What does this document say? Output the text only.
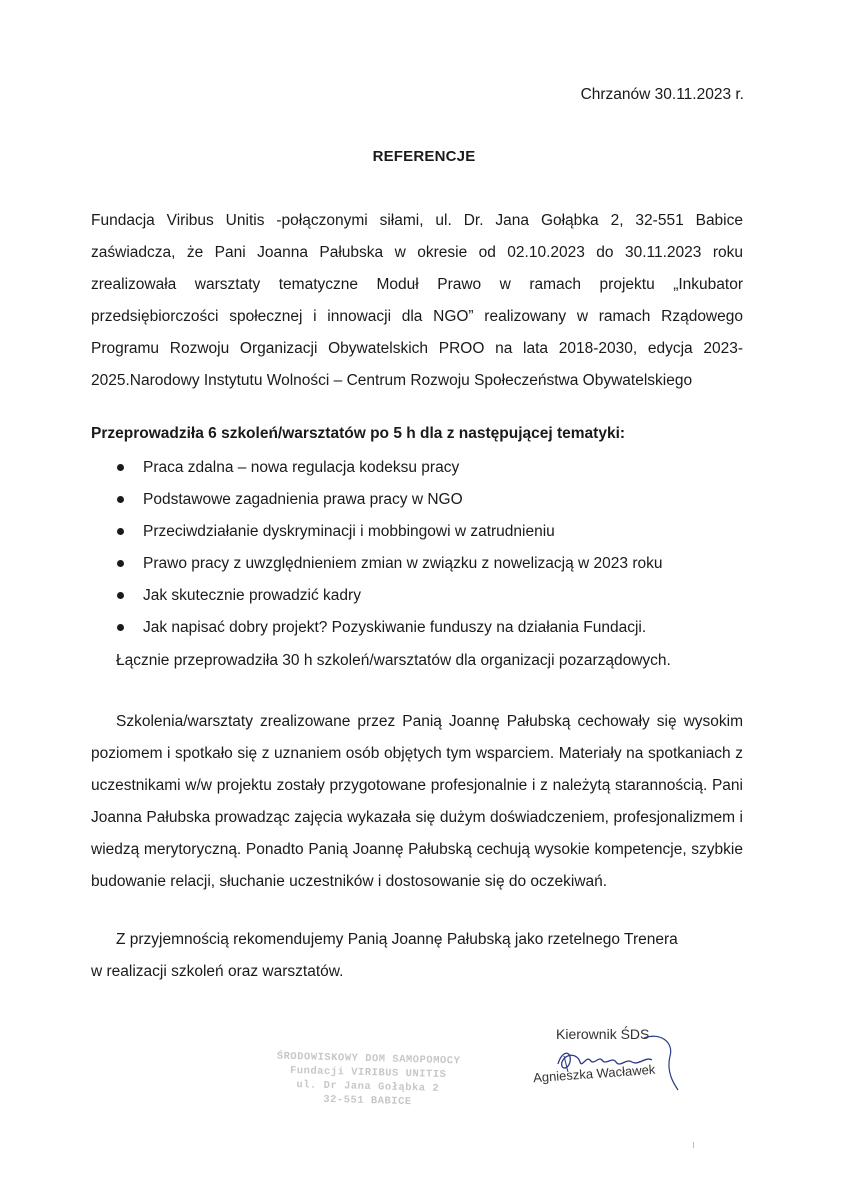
Chrzanów 30.11.2023 r.
REFERENCJE

Fundacja Viribus Unitis -połączonymi siłami, ul. Dr. Jana Gołąbka 2, 32-551 Babice zaświadcza, że Pani Joanna Pałubska w okresie od 02.10.2023 do 30.11.2023 roku zrealizowała warsztaty tematyczne Moduł Prawo w ramach projektu „Inkubator przedsiębiorczości społecznej i innowacji dla NGO” realizowany w ramach Rządowego Programu Rozwoju Organizacji Obywatelskich PROO na lata 2018-2030, edycja 2023-2025.Narodowy Instytutu Wolności – Centrum Rozwoju Społeczeństwa Obywatelskiego

Przeprowadziła 6 szkoleń/warsztatów po 5 h dla z następującej tematyki:
Praca zdalna – nowa regulacja kodeksu pracy
Podstawowe zagadnienia prawa pracy w NGO
Przeciwdziałanie dyskryminacji i mobbingowi w zatrudnieniu
Prawo pracy z uwzględnieniem zmian w związku z nowelizacją w 2023 roku
Jak skutecznie prowadzić kadry
Jak napisać dobry projekt? Pozyskiwanie funduszy na działania Fundacji.
Łącznie przeprowadziła 30 h szkoleń/warsztatów dla organizacji pozarządowych.

Szkolenia/warsztaty zrealizowane przez Panią Joannę Pałubską cechowały się wysokim poziomem i spotkało się z uznaniem osób objętych tym wsparciem. Materiały na spotkaniach z uczestnikami w/w projektu zostały przygotowane profesjonalnie i z należytą starannością. Pani Joanna Pałubska prowadząc zajęcia wykazała się dużym doświadczeniem, profesjonalizmem i wiedzą merytoryczną. Ponadto Panią Joannę Pałubską cechują wysokie kompetencje, szybkie budowanie relacji, słuchanie uczestników i dostosowanie się do oczekiwań.

Z przyjemnością rekomendujemy Panią Joannę Pałubską jako rzetelnego Trenera
w realizacji szkoleń oraz warsztatów.

ŚRODOWISKOWY DOM SAMOPOMOCY
Fundacji VIRIBUS UNITIS
ul. Dr Jana Gołąbka 2
32-551 BABICE
Kierownik ŚDS
Agnieszka Wacławek
